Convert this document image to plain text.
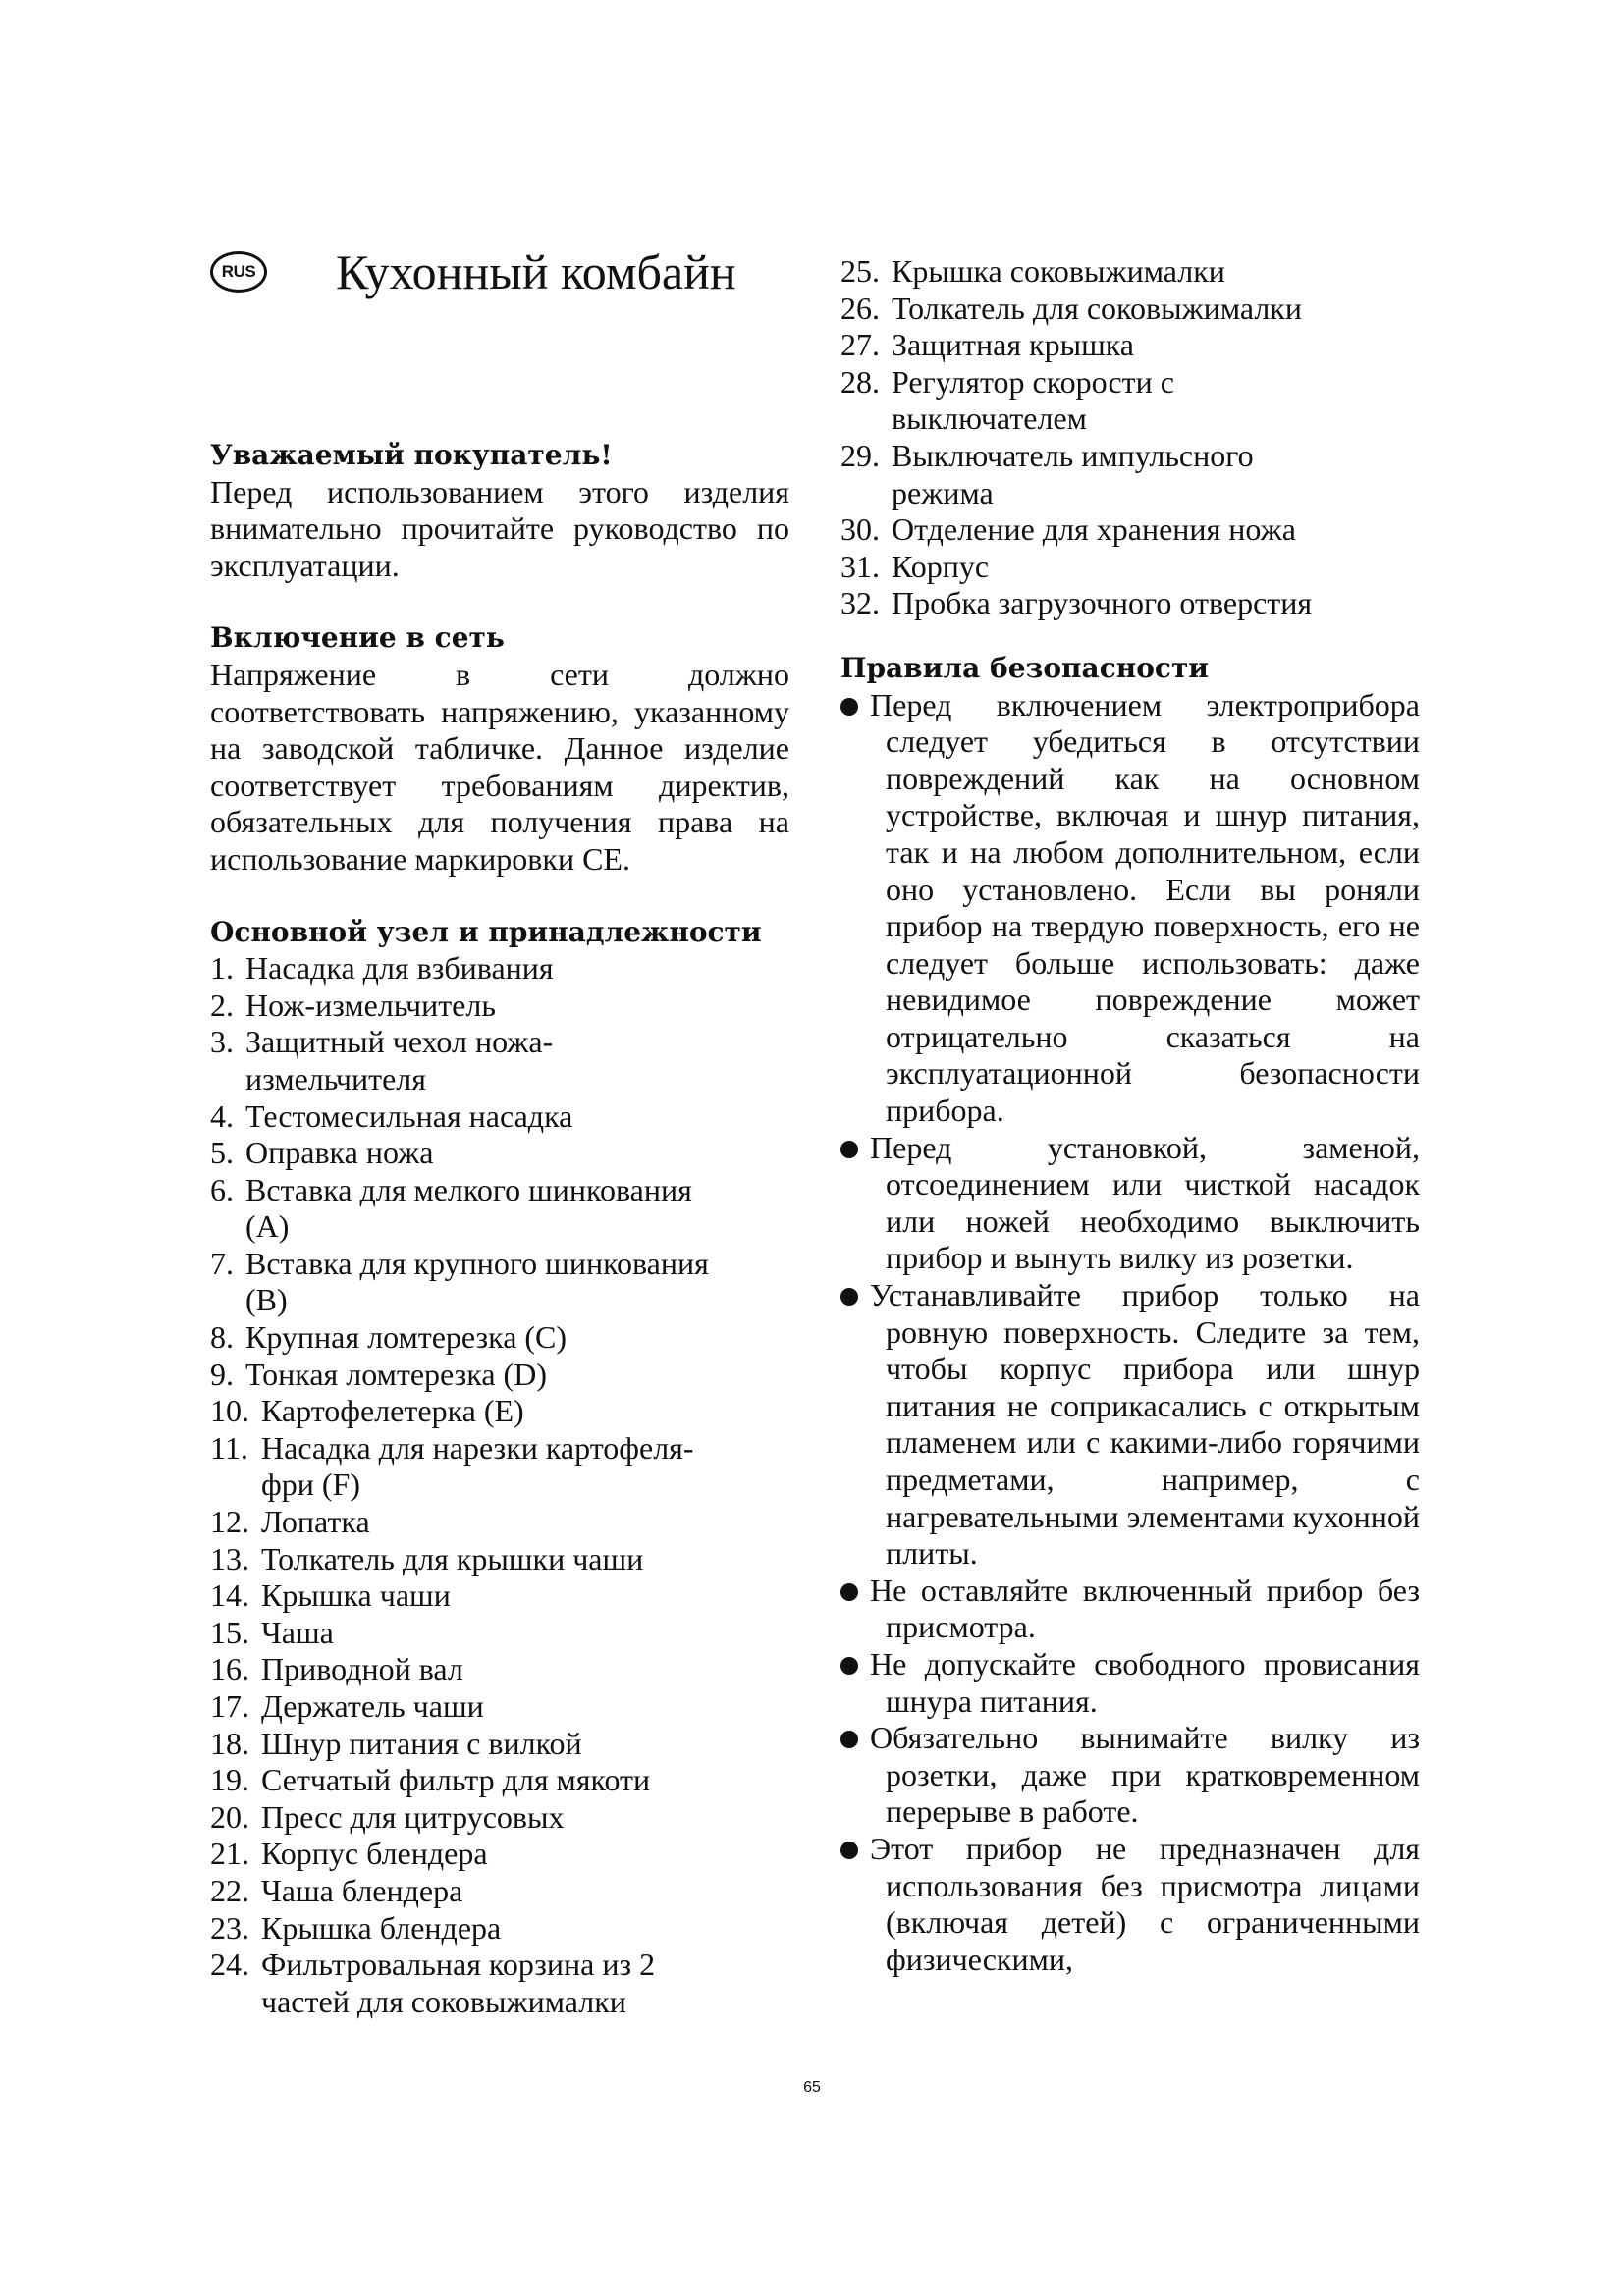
RUS Кухонный комбайн
Уважаемый покупатель!

Перед использованием этого изделия внимательно прочитайте руководство по эксплуатации.

Включение в сеть

Напряжение в сети должно соответствовать напряжению, указанному на заводской табличке. Данное изделие соответствует требованиям директив, обязательных для получения права на использование маркировки CE.

Основной узел и принадлежности
1. Насадка для взбивания
2. Нож-измельчитель
3. Защитный чехол ножа-измельчителя
4. Тестомесильная насадка
5. Оправка ножа
6. Вставка для мелкого шинкования (A)
7. Вставка для крупного шинкования (B)
8. Крупная ломтерезка (C)
9. Тонкая ломтерезка (D)
10. Картофелетерка (E)
11. Насадка для нарезки картофеля-фри (F)
12. Лопатка
13. Толкатель для крышки чаши
14. Крышка чаши
15. Чаша
16. Приводной вал
17. Держатель чаши
18. Шнур питания с вилкой
19. Сетчатый фильтр для мякоти
20. Пресс для цитрусовых
21. Корпус блендера
22. Чаша блендера
23. Крышка блендера
24. Фильтровальная корзина из 2 частей для соковыжималки
25. Крышка соковыжималки
26. Толкатель для соковыжималки
27. Защитная крышка
28. Регулятор скорости с выключателем
29. Выключатель импульсного режима
30. Отделение для хранения ножа
31. Корпус
32. Пробка загрузочного отверстия
Правила безопасности
Перед включением электроприбора следует убедиться в отсутствии повреждений как на основном устройстве, включая и шнур питания, так и на любом дополнительном, если оно установлено. Если вы роняли прибор на твердую поверхность, его не следует больше использовать: даже невидимое повреждение может отрицательно сказаться на эксплуатационной безопасности прибора.
Перед установкой, заменой, отсоединением или чисткой насадок или ножей необходимо выключить прибор и вынуть вилку из розетки.
Устанавливайте прибор только на ровную поверхность. Следите за тем, чтобы корпус прибора или шнур питания не соприкасались с открытым пламенем или с какими-либо горячими предметами, например, с нагревательными элементами кухонной плиты.
Не оставляйте включенный прибор без присмотра.
Не допускайте свободного провисания шнура питания.
Обязательно вынимайте вилку из розетки, даже при кратковременном перерыве в работе.
Этот прибор не предназначен для использования без присмотра лицами (включая детей) с ограниченными физическими,
65
